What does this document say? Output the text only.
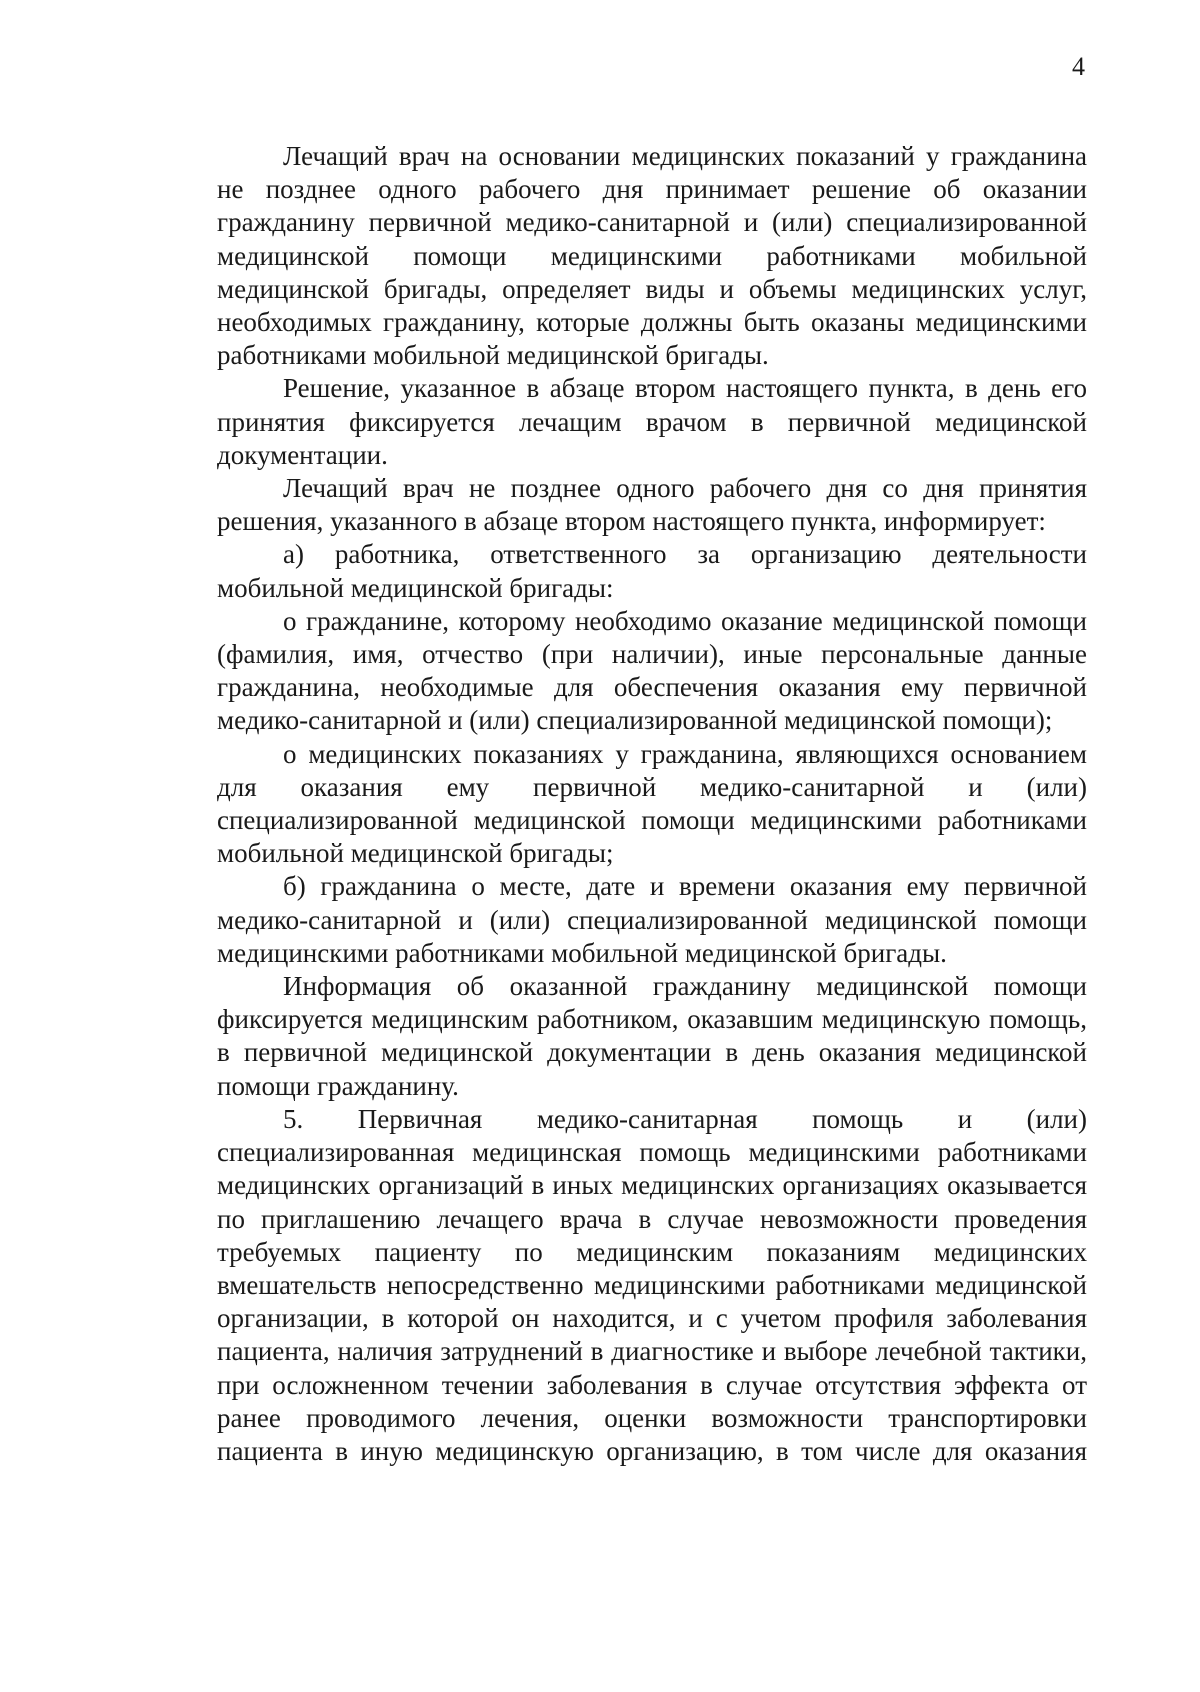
4

Лечащий врач на основании медицинских показаний у гражданина не позднее одного рабочего дня принимает решение об оказании гражданину первичной медико-санитарной и (или) специализированной медицинской помощи медицинскими работниками мобильной медицинской бригады, определяет виды и объемы медицинских услуг, необходимых гражданину, которые должны быть оказаны медицинскими работниками мобильной медицинской бригады.

Решение, указанное в абзаце втором настоящего пункта, в день его принятия фиксируется лечащим врачом в первичной медицинской документации.

Лечащий врач не позднее одного рабочего дня со дня принятия решения, указанного в абзаце втором настоящего пункта, информирует:

а) работника, ответственного за организацию деятельности мобильной медицинской бригады:

о гражданине, которому необходимо оказание медицинской помощи (фамилия, имя, отчество (при наличии), иные персональные данные гражданина, необходимые для обеспечения оказания ему первичной медико-санитарной и (или) специализированной медицинской помощи);

о медицинских показаниях у гражданина, являющихся основанием для оказания ему первичной медико-санитарной и (или) специализированной медицинской помощи медицинскими работниками мобильной медицинской бригады;

б) гражданина о месте, дате и времени оказания ему первичной медико-санитарной и (или) специализированной медицинской помощи медицинскими работниками мобильной медицинской бригады.

Информация об оказанной гражданину медицинской помощи фиксируется медицинским работником, оказавшим медицинскую помощь, в первичной медицинской документации в день оказания медицинской помощи гражданину.

5. Первичная медико-санитарная помощь и (или) специализированная медицинская помощь медицинскими работниками медицинских организаций в иных медицинских организациях оказывается по приглашению лечащего врача в случае невозможности проведения требуемых пациенту по медицинским показаниям медицинских вмешательств непосредственно медицинскими работниками медицинской организации, в которой он находится, и с учетом профиля заболевания пациента, наличия затруднений в диагностике и выборе лечебной тактики, при осложненном течении заболевания в случае отсутствия эффекта от ранее проводимого лечения, оценки возможности транспортировки пациента в иную медицинскую организацию, в том числе для оказания
